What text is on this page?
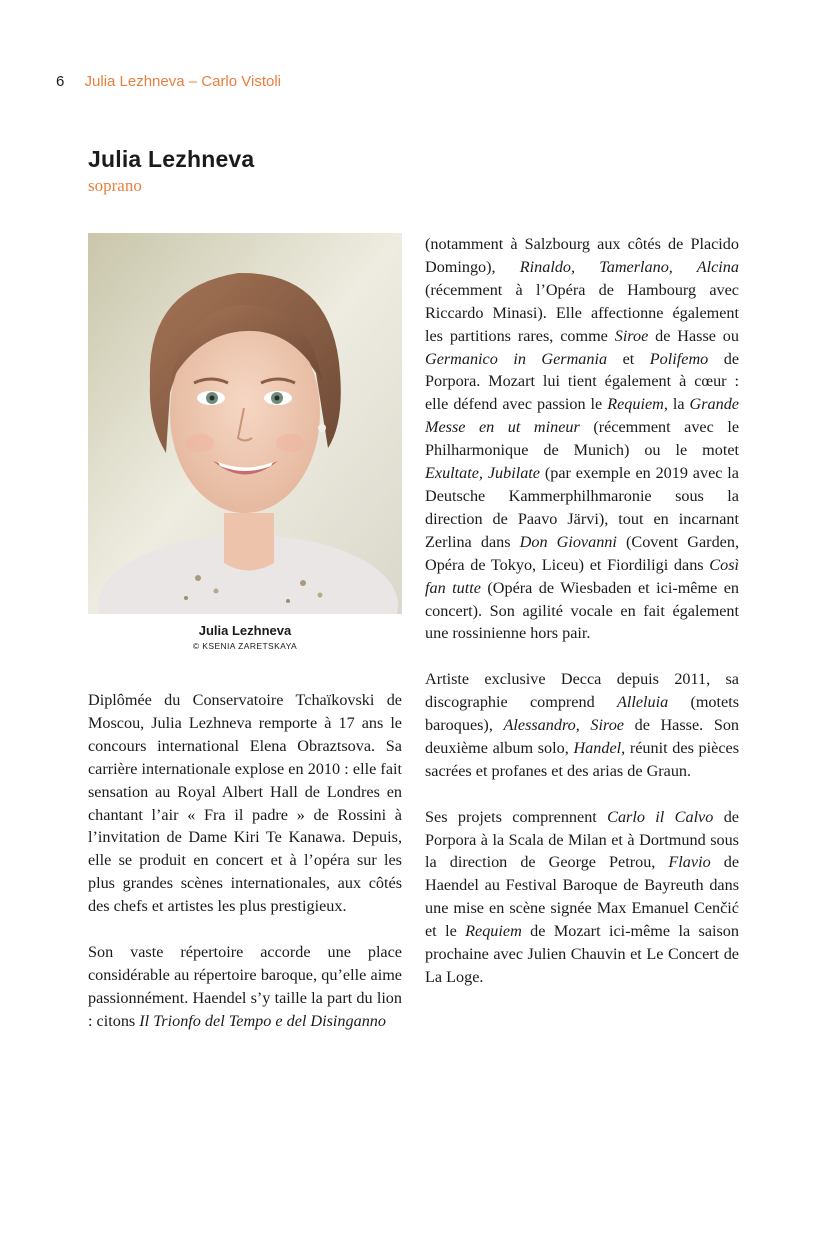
6 Julia Lezhneva – Carlo Vistoli
Julia Lezhneva
soprano
Julia Lezhneva
© KSENIA ZARETSKAYA

Diplômée du Conservatoire Tchaïkovski de Moscou, Julia Lezhneva remporte à 17 ans le concours international Elena Obraztsova. Sa carrière internationale explose en 2010 : elle fait sensation au Royal Albert Hall de Londres en chantant l’air « Fra il padre » de Rossini à l’invitation de Dame Kiri Te Kanawa. Depuis, elle se produit en concert et à l’opéra sur les plus grandes scènes internationales, aux côtés des chefs et artistes les plus prestigieux.

Son vaste répertoire accorde une place considérable au répertoire baroque, qu’elle aime passionnément. Haendel s’y taille la part du lion : citons Il Trionfo del Tempo e del Disinganno

(notamment à Salzbourg aux côtés de Placido Domingo), Rinaldo, Tamerlano, Alcina (récemment à l’Opéra de Hambourg avec Riccardo Minasi). Elle affectionne également les partitions rares, comme Siroe de Hasse ou Germanico in Germania et Polifemo de Porpora. Mozart lui tient également à cœur : elle défend avec passion le Requiem, la Grande Messe en ut mineur (récemment avec le Philharmonique de Munich) ou le motet Exultate, Jubilate (par exemple en 2019 avec la Deutsche Kammerphilhmaronie sous la direction de Paavo Järvi), tout en incarnant Zerlina dans Don Giovanni (Covent Garden, Opéra de Tokyo, Liceu) et Fiordiligi dans Così fan tutte (Opéra de Wiesbaden et ici-même en concert). Son agilité vocale en fait également une rossinienne hors pair.

Artiste exclusive Decca depuis 2011, sa discographie comprend Alleluia (motets baroques), Alessandro, Siroe de Hasse. Son deuxième album solo, Handel, réunit des pièces sacrées et profanes et des arias de Graun.

Ses projets comprennent Carlo il Calvo de Porpora à la Scala de Milan et à Dortmund sous la direction de George Petrou, Flavio de Haendel au Festival Baroque de Bayreuth dans une mise en scène signée Max Emanuel Cenčić et le Requiem de Mozart ici-même la saison prochaine avec Julien Chauvin et Le Concert de La Loge.
